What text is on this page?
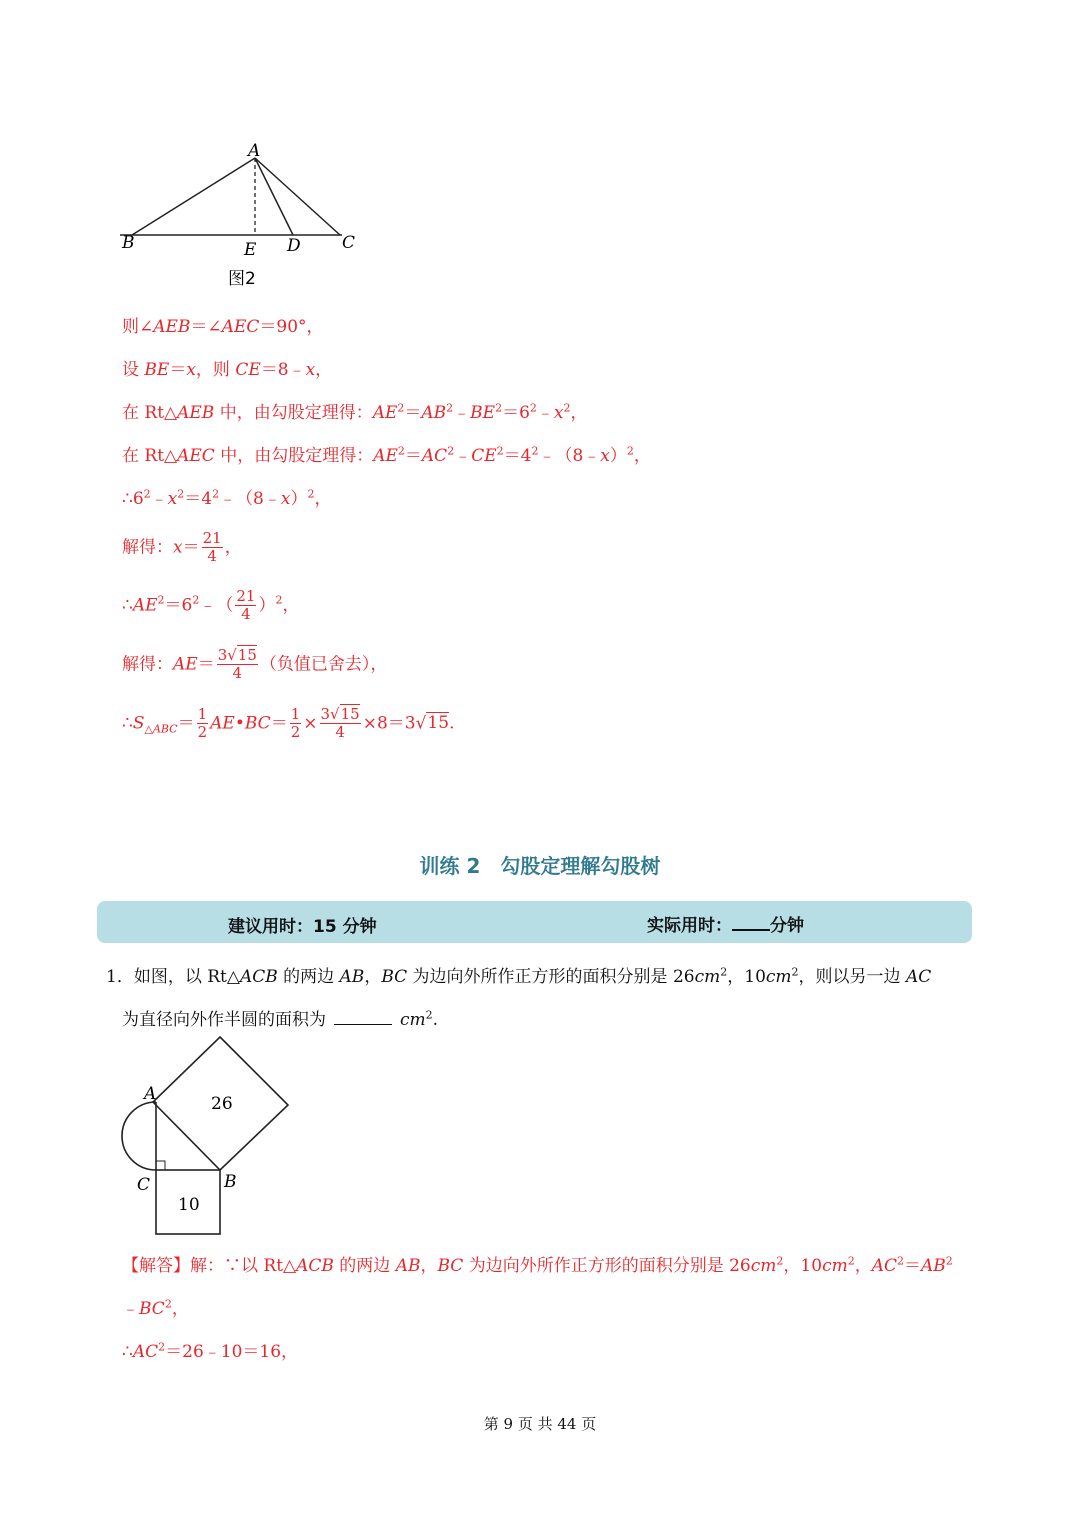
A
B	E D C
图2
则∠AEB＝∠AEC＝90°，
设 BE＝x，则 CE＝8﹣x，
在 Rt△AEB 中，由勾股定理得：$AE^2=AB^2﹣BE^2=6^2﹣x^2$，
在 Rt△AEC 中，由勾股定理得：$AE^2=AC^2﹣CE^2=4^2﹣(8﹣x)^2$，
$\therefore 6^2﹣x^2=4^2﹣(8﹣x)^2$，
解得：$x= \frac{21}{4}$ ，
$\therefore AE^2=6^2﹣( \frac{21}{4} )^2$，
解得：$AE= \frac{3√15}{4}$ （负值已舍去），
$\therefore S_{\triangle ABC}= \frac{1}{2}$ AE•BC＝ $\frac{1}{2} \times \frac{3√15}{4} \times 8=3√15$.
训练 2　勾股定理解勾股树
建议用时：15 分钟	实际用时： 分钟
1．如图，以 Rt△ACB 的两边 AB，BC 为边向外所作正方形的面积分别是 $26cm^2$，$10cm^2$，则以另一边 AC
为直径向外作半圆的面积为	$cm^2$.
A
B
C
26
10
【解答】解：∵以 Rt△ACB 的两边 AB，BC 为边向外所作正方形的面积分别是 $26cm^2$，$10cm^2$，$AC^2=AB^2$
$﹣BC^2$，
$\therefore AC^2=26﹣10=16$，
第 9 页 共 44 页
